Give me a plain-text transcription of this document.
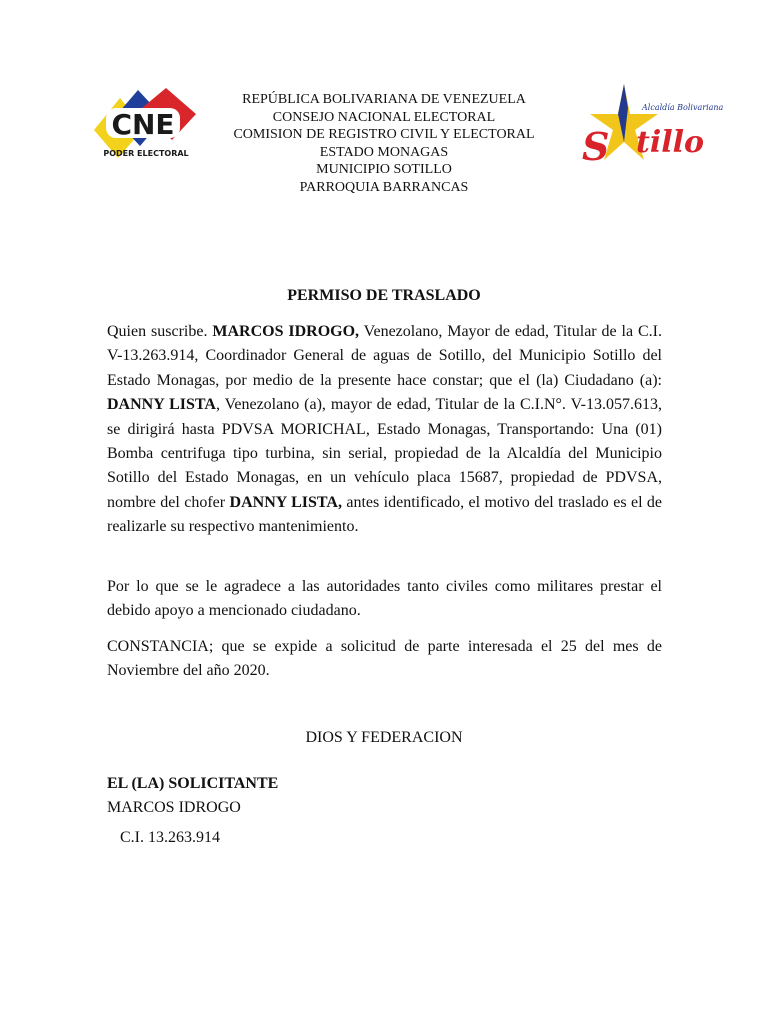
CNE
PODER ELECTORAL
REPÚBLICA BOLIVARIANA DE VENEZUELA
CONSEJO NACIONAL ELECTORAL
COMISION DE REGISTRO CIVIL Y ELECTORAL
ESTADO MONAGAS
MUNICIPIO SOTILLO
PARROQUIA BARRANCAS
Alcaldía Bolivariana
S tillo
PERMISO DE TRASLADO
Quien suscribe. MARCOS IDROGO, Venezolano, Mayor de edad, Titular de la C.I. V-13.263.914, Coordinador General de aguas de Sotillo, del Municipio Sotillo del Estado Monagas, por medio de la presente hace constar; que el (la) Ciudadano (a): DANNY LISTA, Venezolano (a), mayor de edad, Titular de la C.I.N°. V-13.057.613, se dirigirá hasta PDVSA MORICHAL, Estado Monagas, Transportando: Una (01) Bomba centrifuga tipo turbina, sin serial, propiedad de la Alcaldía del Municipio Sotillo del Estado Monagas, en un vehículo placa 15687, propiedad de PDVSA, nombre del chofer DANNY LISTA, antes identificado, el motivo del traslado es el de realizarle su respectivo mantenimiento.
Por lo que se le agradece a las autoridades tanto civiles como militares prestar el debido apoyo a mencionado ciudadano.
CONSTANCIA; que se expide a solicitud de parte interesada el 25 del mes de Noviembre del año 2020.
DIOS Y FEDERACION
EL (LA) SOLICITANTE
MARCOS IDROGO
C.I. 13.263.914
